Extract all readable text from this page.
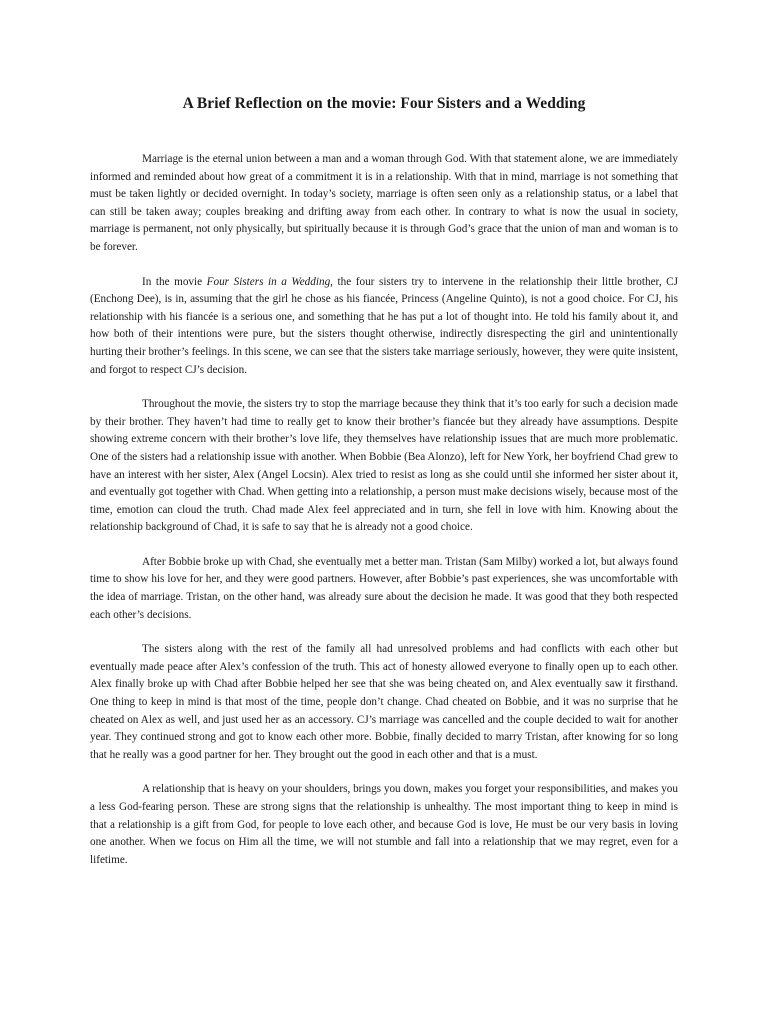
A Brief Reflection on the movie: Four Sisters and a Wedding

Marriage is the eternal union between a man and a woman through God. With that statement alone, we are immediately informed and reminded about how great of a commitment it is in a relationship. With that in mind, marriage is not something that must be taken lightly or decided overnight. In today’s society, marriage is often seen only as a relationship status, or a label that can still be taken away; couples breaking and drifting away from each other. In contrary to what is now the usual in society, marriage is permanent, not only physically, but spiritually because it is through God’s grace that the union of man and woman is to be forever.

In the movie Four Sisters in a Wedding, the four sisters try to intervene in the relationship their little brother, CJ (Enchong Dee), is in, assuming that the girl he chose as his fiancée, Princess (Angeline Quinto), is not a good choice. For CJ, his relationship with his fiancée is a serious one, and something that he has put a lot of thought into. He told his family about it, and how both of their intentions were pure, but the sisters thought otherwise, indirectly disrespecting the girl and unintentionally hurting their brother’s feelings. In this scene, we can see that the sisters take marriage seriously, however, they were quite insistent, and forgot to respect CJ’s decision.

Throughout the movie, the sisters try to stop the marriage because they think that it’s too early for such a decision made by their brother. They haven’t had time to really get to know their brother’s fiancée but they already have assumptions. Despite showing extreme concern with their brother’s love life, they themselves have relationship issues that are much more problematic. One of the sisters had a relationship issue with another. When Bobbie (Bea Alonzo), left for New York, her boyfriend Chad grew to have an interest with her sister, Alex (Angel Locsin). Alex tried to resist as long as she could until she informed her sister about it, and eventually got together with Chad. When getting into a relationship, a person must make decisions wisely, because most of the time, emotion can cloud the truth. Chad made Alex feel appreciated and in turn, she fell in love with him. Knowing about the relationship background of Chad, it is safe to say that he is already not a good choice.

After Bobbie broke up with Chad, she eventually met a better man. Tristan (Sam Milby) worked a lot, but always found time to show his love for her, and they were good partners. However, after Bobbie’s past experiences, she was uncomfortable with the idea of marriage. Tristan, on the other hand, was already sure about the decision he made. It was good that they both respected each other’s decisions.

The sisters along with the rest of the family all had unresolved problems and had conflicts with each other but eventually made peace after Alex’s confession of the truth. This act of honesty allowed everyone to finally open up to each other. Alex finally broke up with Chad after Bobbie helped her see that she was being cheated on, and Alex eventually saw it firsthand. One thing to keep in mind is that most of the time, people don’t change. Chad cheated on Bobbie, and it was no surprise that he cheated on Alex as well, and just used her as an accessory. CJ’s marriage was cancelled and the couple decided to wait for another year. They continued strong and got to know each other more. Bobbie, finally decided to marry Tristan, after knowing for so long that he really was a good partner for her. They brought out the good in each other and that is a must.

A relationship that is heavy on your shoulders, brings you down, makes you forget your responsibilities, and makes you a less God-fearing person. These are strong signs that the relationship is unhealthy. The most important thing to keep in mind is that a relationship is a gift from God, for people to love each other, and because God is love, He must be our very basis in loving one another. When we focus on Him all the time, we will not stumble and fall into a relationship that we may regret, even for a lifetime.
